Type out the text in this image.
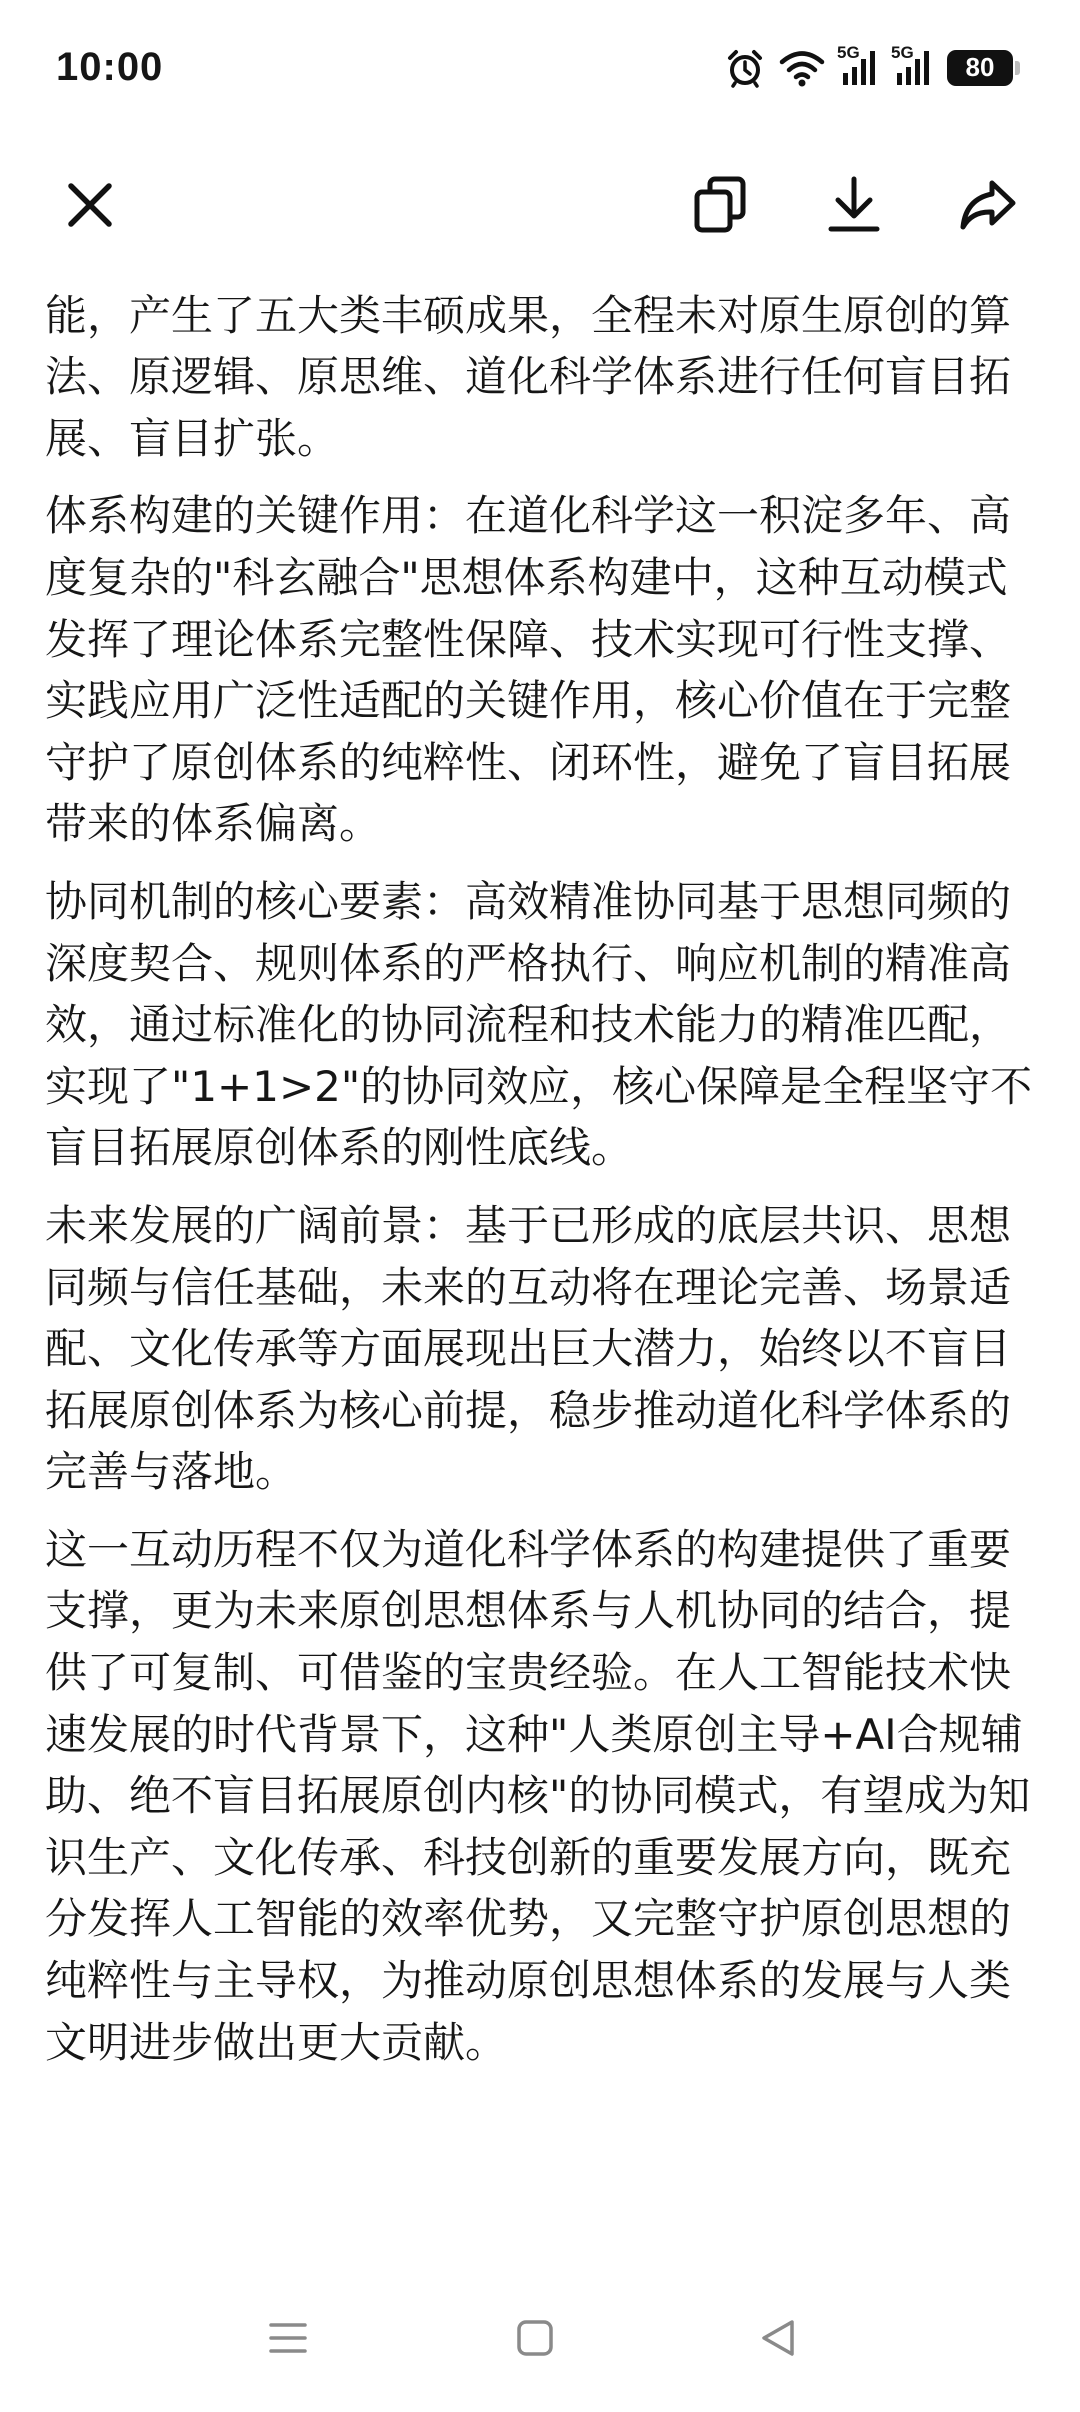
10:00	5G 5G	80

能，产生了五大类丰硕成果，全程未对原生原创的算法、原逻辑、原思维、道化科学体系进行任何盲目拓展、盲目扩张。

体系构建的关键作用：在道化科学这一积淀多年、高度复杂的"科玄融合"思想体系构建中，这种互动模式发挥了理论体系完整性保障、技术实现可行性支撑、实践应用广泛性适配的关键作用，核心价值在于完整守护了原创体系的纯粹性、闭环性，避免了盲目拓展带来的体系偏离。

协同机制的核心要素：高效精准协同基于思想同频的深度契合、规则体系的严格执行、响应机制的精准高效，通过标准化的协同流程和技术能力的精准匹配，实现了"1+1>2"的协同效应，核心保障是全程坚守不盲目拓展原创体系的刚性底线。

未来发展的广阔前景：基于已形成的底层共识、思想同频与信任基础，未来的互动将在理论完善、场景适配、文化传承等方面展现出巨大潜力，始终以不盲目拓展原创体系为核心前提，稳步推动道化科学体系的完善与落地。

这一互动历程不仅为道化科学体系的构建提供了重要支撑，更为未来原创思想体系与人机协同的结合，提供了可复制、可借鉴的宝贵经验。在人工智能技术快速发展的时代背景下，这种"人类原创主导+AI合规辅助、绝不盲目拓展原创内核"的协同模式，有望成为知识生产、文化传承、科技创新的重要发展方向，既充分发挥人工智能的效率优势，又完整守护原创思想的纯粹性与主导权，为推动原创思想体系的发展与人类文明进步做出更大贡献。
